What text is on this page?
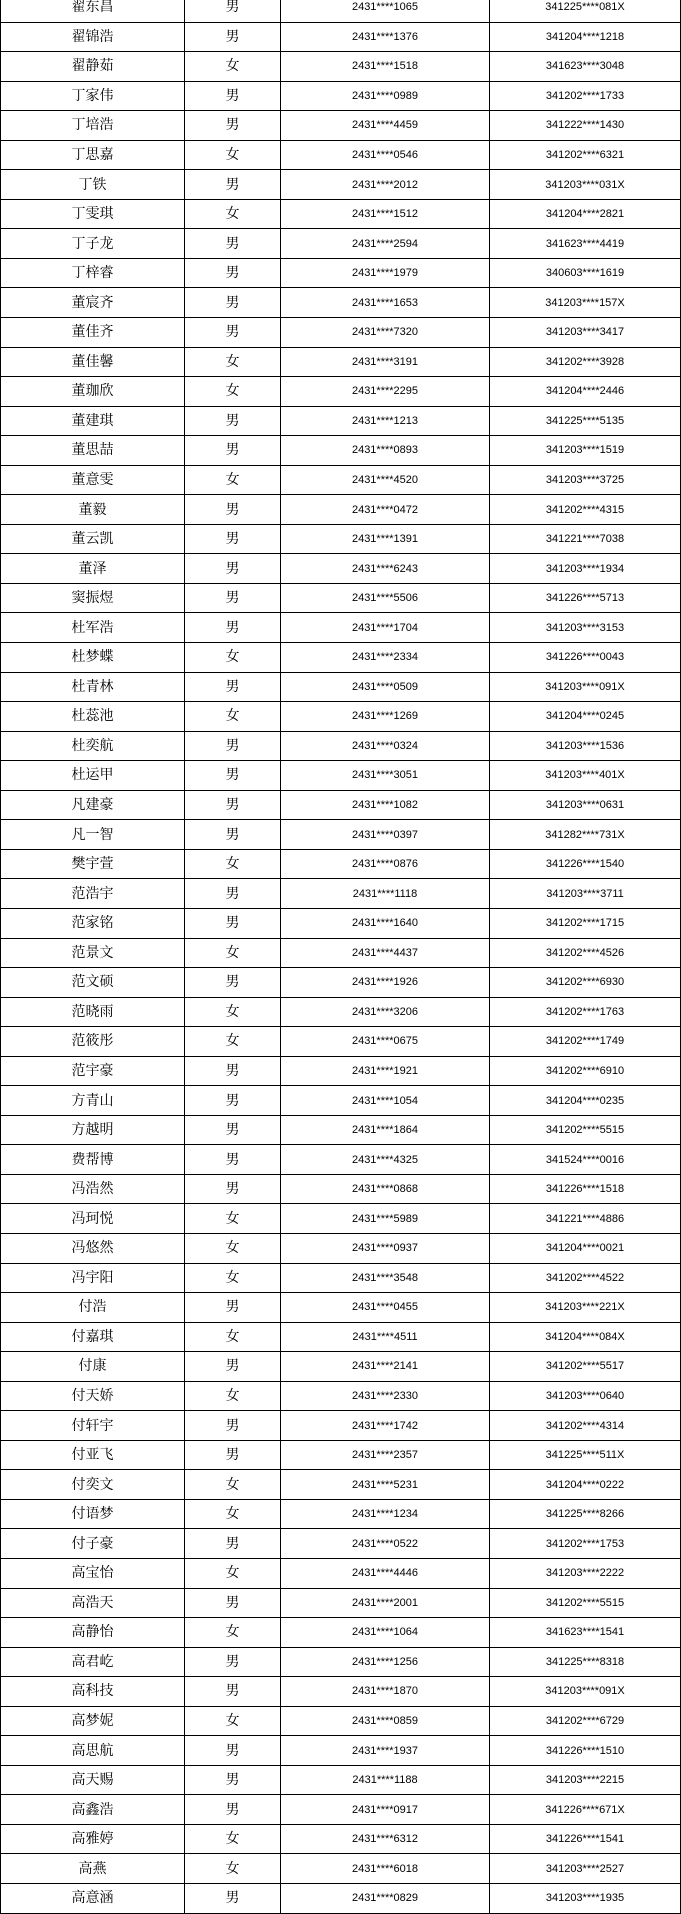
翟东昌	男	2431****1065	341225****081X
翟锦浩	男	2431****1376	341204****1218
翟静茹	女	2431****1518	341623****3048
丁家伟	男	2431****0989	341202****1733
丁培浩	男	2431****4459	341222****1430
丁思嘉	女	2431****0546	341202****6321
丁铁	男	2431****2012	341203****031X
丁雯琪	女	2431****1512	341204****2821
丁子龙	男	2431****2594	341623****4419
丁梓睿	男	2431****1979	340603****1619
董宸齐	男	2431****1653	341203****157X
董佳齐	男	2431****7320	341203****3417
董佳馨	女	2431****3191	341202****3928
董珈欣	女	2431****2295	341204****2446
董建琪	男	2431****1213	341225****5135
董思喆	男	2431****0893	341203****1519
董意雯	女	2431****4520	341203****3725
董毅	男	2431****0472	341202****4315
董云凯	男	2431****1391	341221****7038
董泽	男	2431****6243	341203****1934
窦振煜	男	2431****5506	341226****5713
杜军浩	男	2431****1704	341203****3153
杜梦蝶	女	2431****2334	341226****0043
杜青林	男	2431****0509	341203****091X
杜蕊池	女	2431****1269	341204****0245
杜奕航	男	2431****0324	341203****1536
杜运甲	男	2431****3051	341203****401X
凡建豪	男	2431****1082	341203****0631
凡一智	男	2431****0397	341282****731X
樊宇萱	女	2431****0876	341226****1540
范浩宇	男	2431****1118	341203****3711
范家铭	男	2431****1640	341202****1715
范景文	女	2431****4437	341202****4526
范文硕	男	2431****1926	341202****6930
范晓雨	女	2431****3206	341202****1763
范筱彤	女	2431****0675	341202****1749
范宇豪	男	2431****1921	341202****6910
方青山	男	2431****1054	341204****0235
方越明	男	2431****1864	341202****5515
费帮博	男	2431****4325	341524****0016
冯浩然	男	2431****0868	341226****1518
冯珂悦	女	2431****5989	341221****4886
冯悠然	女	2431****0937	341204****0021
冯宇阳	女	2431****3548	341202****4522
付浩	男	2431****0455	341203****221X
付嘉琪	女	2431****4511	341204****084X
付康	男	2431****2141	341202****5517
付天娇	女	2431****2330	341203****0640
付轩宇	男	2431****1742	341202****4314
付亚飞	男	2431****2357	341225****511X
付奕文	女	2431****5231	341204****0222
付语梦	女	2431****1234	341225****8266
付子豪	男	2431****0522	341202****1753
高宝怡	女	2431****4446	341203****2222
高浩天	男	2431****2001	341202****5515
高静怡	女	2431****1064	341623****1541
高君屹	男	2431****1256	341225****8318
高科技	男	2431****1870	341203****091X
高梦妮	女	2431****0859	341202****6729
高思航	男	2431****1937	341226****1510
高天赐	男	2431****1188	341203****2215
高鑫浩	男	2431****0917	341226****671X
高雅婷	女	2431****6312	341226****1541
高燕	女	2431****6018	341203****2527
高意涵	男	2431****0829	341203****1935
